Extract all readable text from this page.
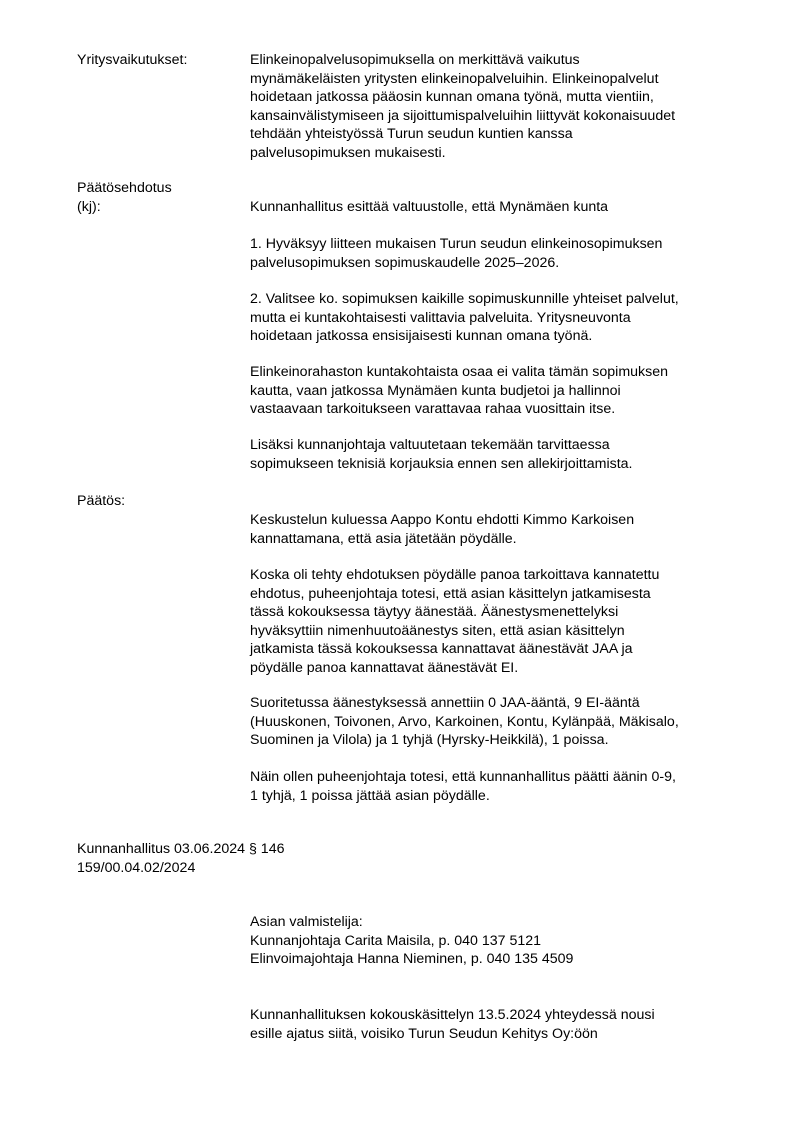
Yritysvaikutukset:	Elinkeinopalvelusopimuksella on merkittävä vaikutus
mynämäkeläisten yritysten elinkeinopalveluihin. Elinkeinopalvelut
hoidetaan jatkossa pääosin kunnan omana työnä, mutta vientiin,
kansainvälistymiseen ja sijoittumispalveluihin liittyvät kokonaisuudet
tehdään yhteistyössä Turun seudun kuntien kanssa
palvelusopimuksen mukaisesti.
Päätösehdotus
(kj):	Kunnanhallitus esittää valtuustolle, että Mynämäen kunta
1. Hyväksyy liitteen mukaisen Turun seudun elinkeinosopimuksen
palvelusopimuksen sopimuskaudelle 2025–2026.
2. Valitsee ko. sopimuksen kaikille sopimuskunnille yhteiset palvelut,
mutta ei kuntakohtaisesti valittavia palveluita. Yritysneuvonta
hoidetaan jatkossa ensisijaisesti kunnan omana työnä.
Elinkeinorahaston kuntakohtaista osaa ei valita tämän sopimuksen
kautta, vaan jatkossa Mynämäen kunta budjetoi ja hallinnoi
vastaavaan tarkoitukseen varattavaa rahaa vuosittain itse.
Lisäksi kunnanjohtaja valtuutetaan tekemään tarvittaessa
sopimukseen teknisiä korjauksia ennen sen allekirjoittamista.
Päätös:
Keskustelun kuluessa Aappo Kontu ehdotti Kimmo Karkoisen
kannattamana, että asia jätetään pöydälle.
Koska oli tehty ehdotuksen pöydälle panoa tarkoittava kannatettu
ehdotus, puheenjohtaja totesi, että asian käsittelyn jatkamisesta
tässä kokouksessa täytyy äänestää. Äänestysmenettelyksi
hyväksyttiin nimenhuutoäänestys siten, että asian käsittelyn
jatkamista tässä kokouksessa kannattavat äänestävät JAA ja
pöydälle panoa kannattavat äänestävät EI.
Suoritetussa äänestyksessä annettiin 0 JAA-ääntä, 9 EI-ääntä
(Huuskonen, Toivonen, Arvo, Karkoinen, Kontu, Kylänpää, Mäkisalo,
Suominen ja Vilola) ja 1 tyhjä (Hyrsky-Heikkilä), 1 poissa.
Näin ollen puheenjohtaja totesi, että kunnanhallitus päätti äänin 0-9,
1 tyhjä, 1 poissa jättää asian pöydälle.
Kunnanhallitus 03.06.2024 § 146
159/00.04.02/2024
Asian valmistelija:
Kunnanjohtaja Carita Maisila, p. 040 137 5121
Elinvoimajohtaja Hanna Nieminen, p. 040 135 4509
Kunnanhallituksen kokouskäsittelyn 13.5.2024 yhteydessä nousi
esille ajatus siitä, voisiko Turun Seudun Kehitys Oy:öön
